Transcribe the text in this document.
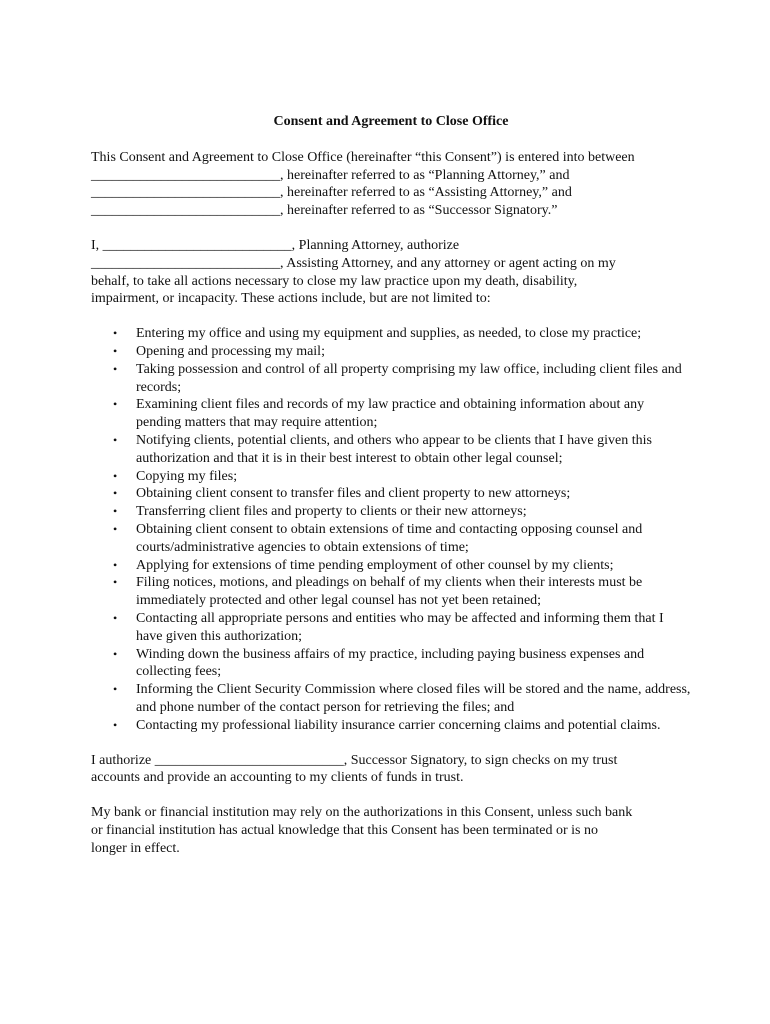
Consent and Agreement to Close Office

This Consent and Agreement to Close Office (hereinafter “this Consent”) is entered into between

___________________________, hereinafter referred to as “Planning Attorney,” and

___________________________, hereinafter referred to as “Assisting Attorney,” and

___________________________, hereinafter referred to as “Successor Signatory.”

I, ___________________________, Planning Attorney, authorize

___________________________, Assisting Attorney, and any attorney or agent acting on my

behalf, to take all actions necessary to close my law practice upon my death, disability,

impairment, or incapacity. These actions include, but are not limited to:

• Entering my office and using my equipment and supplies, as needed, to close my practice;
• Opening and processing my mail;
• Taking possession and control of all property comprising my law office, including client files and records;
• Examining client files and records of my law practice and obtaining information about any pending matters that may require attention;
• Notifying clients, potential clients, and others who appear to be clients that I have given this authorization and that it is in their best interest to obtain other legal counsel;
• Copying my files;
• Obtaining client consent to transfer files and client property to new attorneys;
• Transferring client files and property to clients or their new attorneys;
• Obtaining client consent to obtain extensions of time and contacting opposing counsel and courts/administrative agencies to obtain extensions of time;
• Applying for extensions of time pending employment of other counsel by my clients;
• Filing notices, motions, and pleadings on behalf of my clients when their interests must be immediately protected and other legal counsel has not yet been retained;
• Contacting all appropriate persons and entities who may be affected and informing them that I have given this authorization;
• Winding down the business affairs of my practice, including paying business expenses and collecting fees;
• Informing the Client Security Commission where closed files will be stored and the name, address, and phone number of the contact person for retrieving the files; and
• Contacting my professional liability insurance carrier concerning claims and potential claims.

I authorize ___________________________, Successor Signatory, to sign checks on my trust

accounts and provide an accounting to my clients of funds in trust.

My bank or financial institution may rely on the authorizations in this Consent, unless such bank

or financial institution has actual knowledge that this Consent has been terminated or is no

longer in effect.
